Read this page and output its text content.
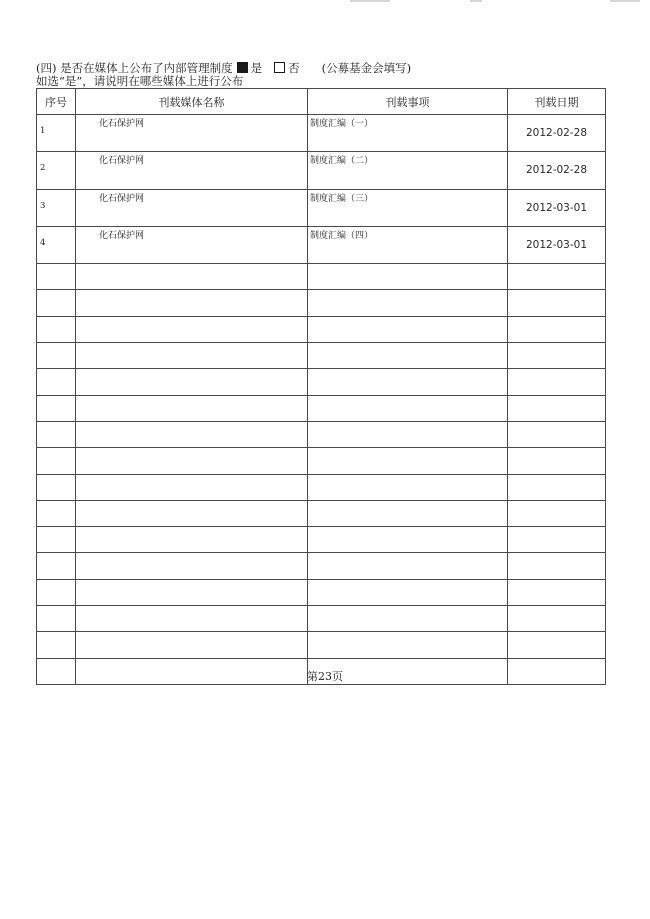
(四) 是否在媒体上公布了内部管理制度 是 否 (公募基金会填写)
如选“是”，请说明在哪些媒体上进行公布
序号	刊载媒体名称	刊载事项	刊载日期
1	化石保护网	制度汇编（一）	2012-02-28
2	化石保护网	制度汇编（二）	2012-02-28
3	化石保护网	制度汇编（三）	2012-03-01
4	化石保护网	制度汇编（四）	2012-03-01

第23页
